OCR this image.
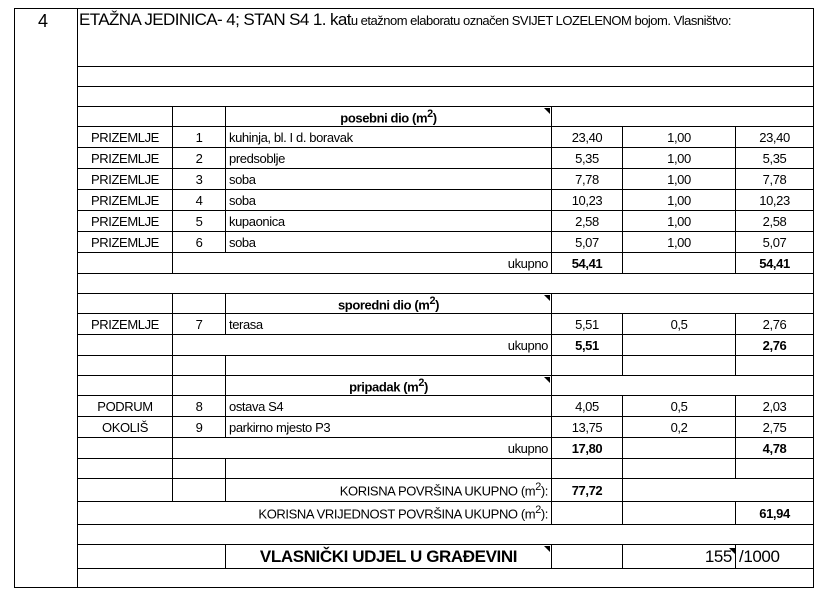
4 ETAŽNA JEDINICA- 4; STAN S4 1. katu etažnom elaboratu označen SVIJET LOZELENOM bojom. Vlasništvo:

		posebni dio $(m^2)$			
PRIZEMLJE	1	kuhinja, bl. I d. boravak	23,40	1,00	23,40
PRIZEMLJE	2	predsoblje	5,35	1,00	5,35
PRIZEMLJE	3	soba	7,78	1,00	7,78
PRIZEMLJE	4	soba	10,23	1,00	10,23
PRIZEMLJE	5	kupaonica	2,58	1,00	2,58
PRIZEMLJE	6	soba	5,07	1,00	5,07
	ukupno		54,41		54,41

		sporedni dio $(m^2)$			
PRIZEMLJE	7	terasa	5,51	0,5	2,76
	ukupno		5,51		2,76

		pripadak $(m^2)$			
PODRUM	8	ostava S4	4,05	0,5	2,03
OKOLIŠ	9	parkirno mjesto P3	13,75	0,2	2,75
	ukupno		17,80		4,78

		KORISNA POVRŠINA UKUPNO $(m^2)$:	77,72		
KORISNA VRIJEDNOST POVRŠINA UKUPNO $(m^2)$:					61,94

		VLASNIČKI UDJEL U GRAĐEVINI		155	/1000
